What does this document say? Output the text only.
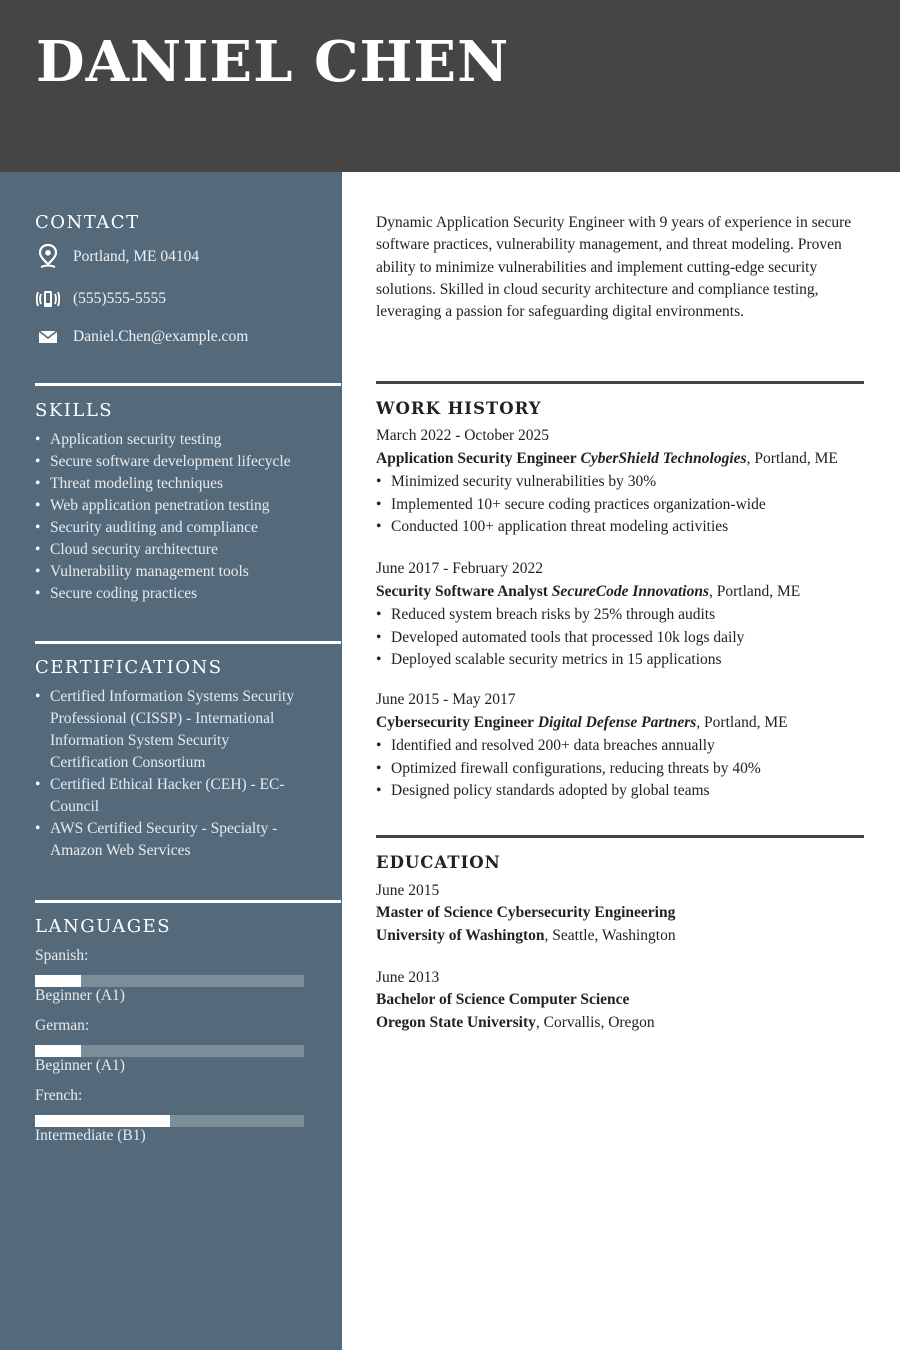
DANIEL CHEN
CONTACT
Portland, ME 04104
(555)555-5555
Daniel.Chen@example.com
SKILLS
• Application security testing
• Secure software development lifecycle
• Threat modeling techniques
• Web application penetration testing
• Security auditing and compliance
• Cloud security architecture
• Vulnerability management tools
• Secure coding practices
CERTIFICATIONS
• Certified Information Systems Security Professional (CISSP) - International Information System Security Certification Consortium
• Certified Ethical Hacker (CEH) - EC-Council
• AWS Certified Security - Specialty - Amazon Web Services
LANGUAGES
Spanish:
Beginner (A1)
German:
Beginner (A1)
French:
Intermediate (B1)
Dynamic Application Security Engineer with 9 years of experience in secure software practices, vulnerability management, and threat modeling. Proven ability to minimize vulnerabilities and implement cutting-edge security solutions. Skilled in cloud security architecture and compliance testing, leveraging a passion for safeguarding digital environments.
WORK HISTORY
March 2022 - October 2025
Application Security Engineer CyberShield Technologies, Portland, ME
• Minimized security vulnerabilities by 30%
• Implemented 10+ secure coding practices organization-wide
• Conducted 100+ application threat modeling activities
June 2017 - February 2022
Security Software Analyst SecureCode Innovations, Portland, ME
• Reduced system breach risks by 25% through audits
• Developed automated tools that processed 10k logs daily
• Deployed scalable security metrics in 15 applications
June 2015 - May 2017
Cybersecurity Engineer Digital Defense Partners, Portland, ME
• Identified and resolved 200+ data breaches annually
• Optimized firewall configurations, reducing threats by 40%
• Designed policy standards adopted by global teams
EDUCATION
June 2015
Master of Science Cybersecurity Engineering
University of Washington, Seattle, Washington
June 2013
Bachelor of Science Computer Science
Oregon State University, Corvallis, Oregon
